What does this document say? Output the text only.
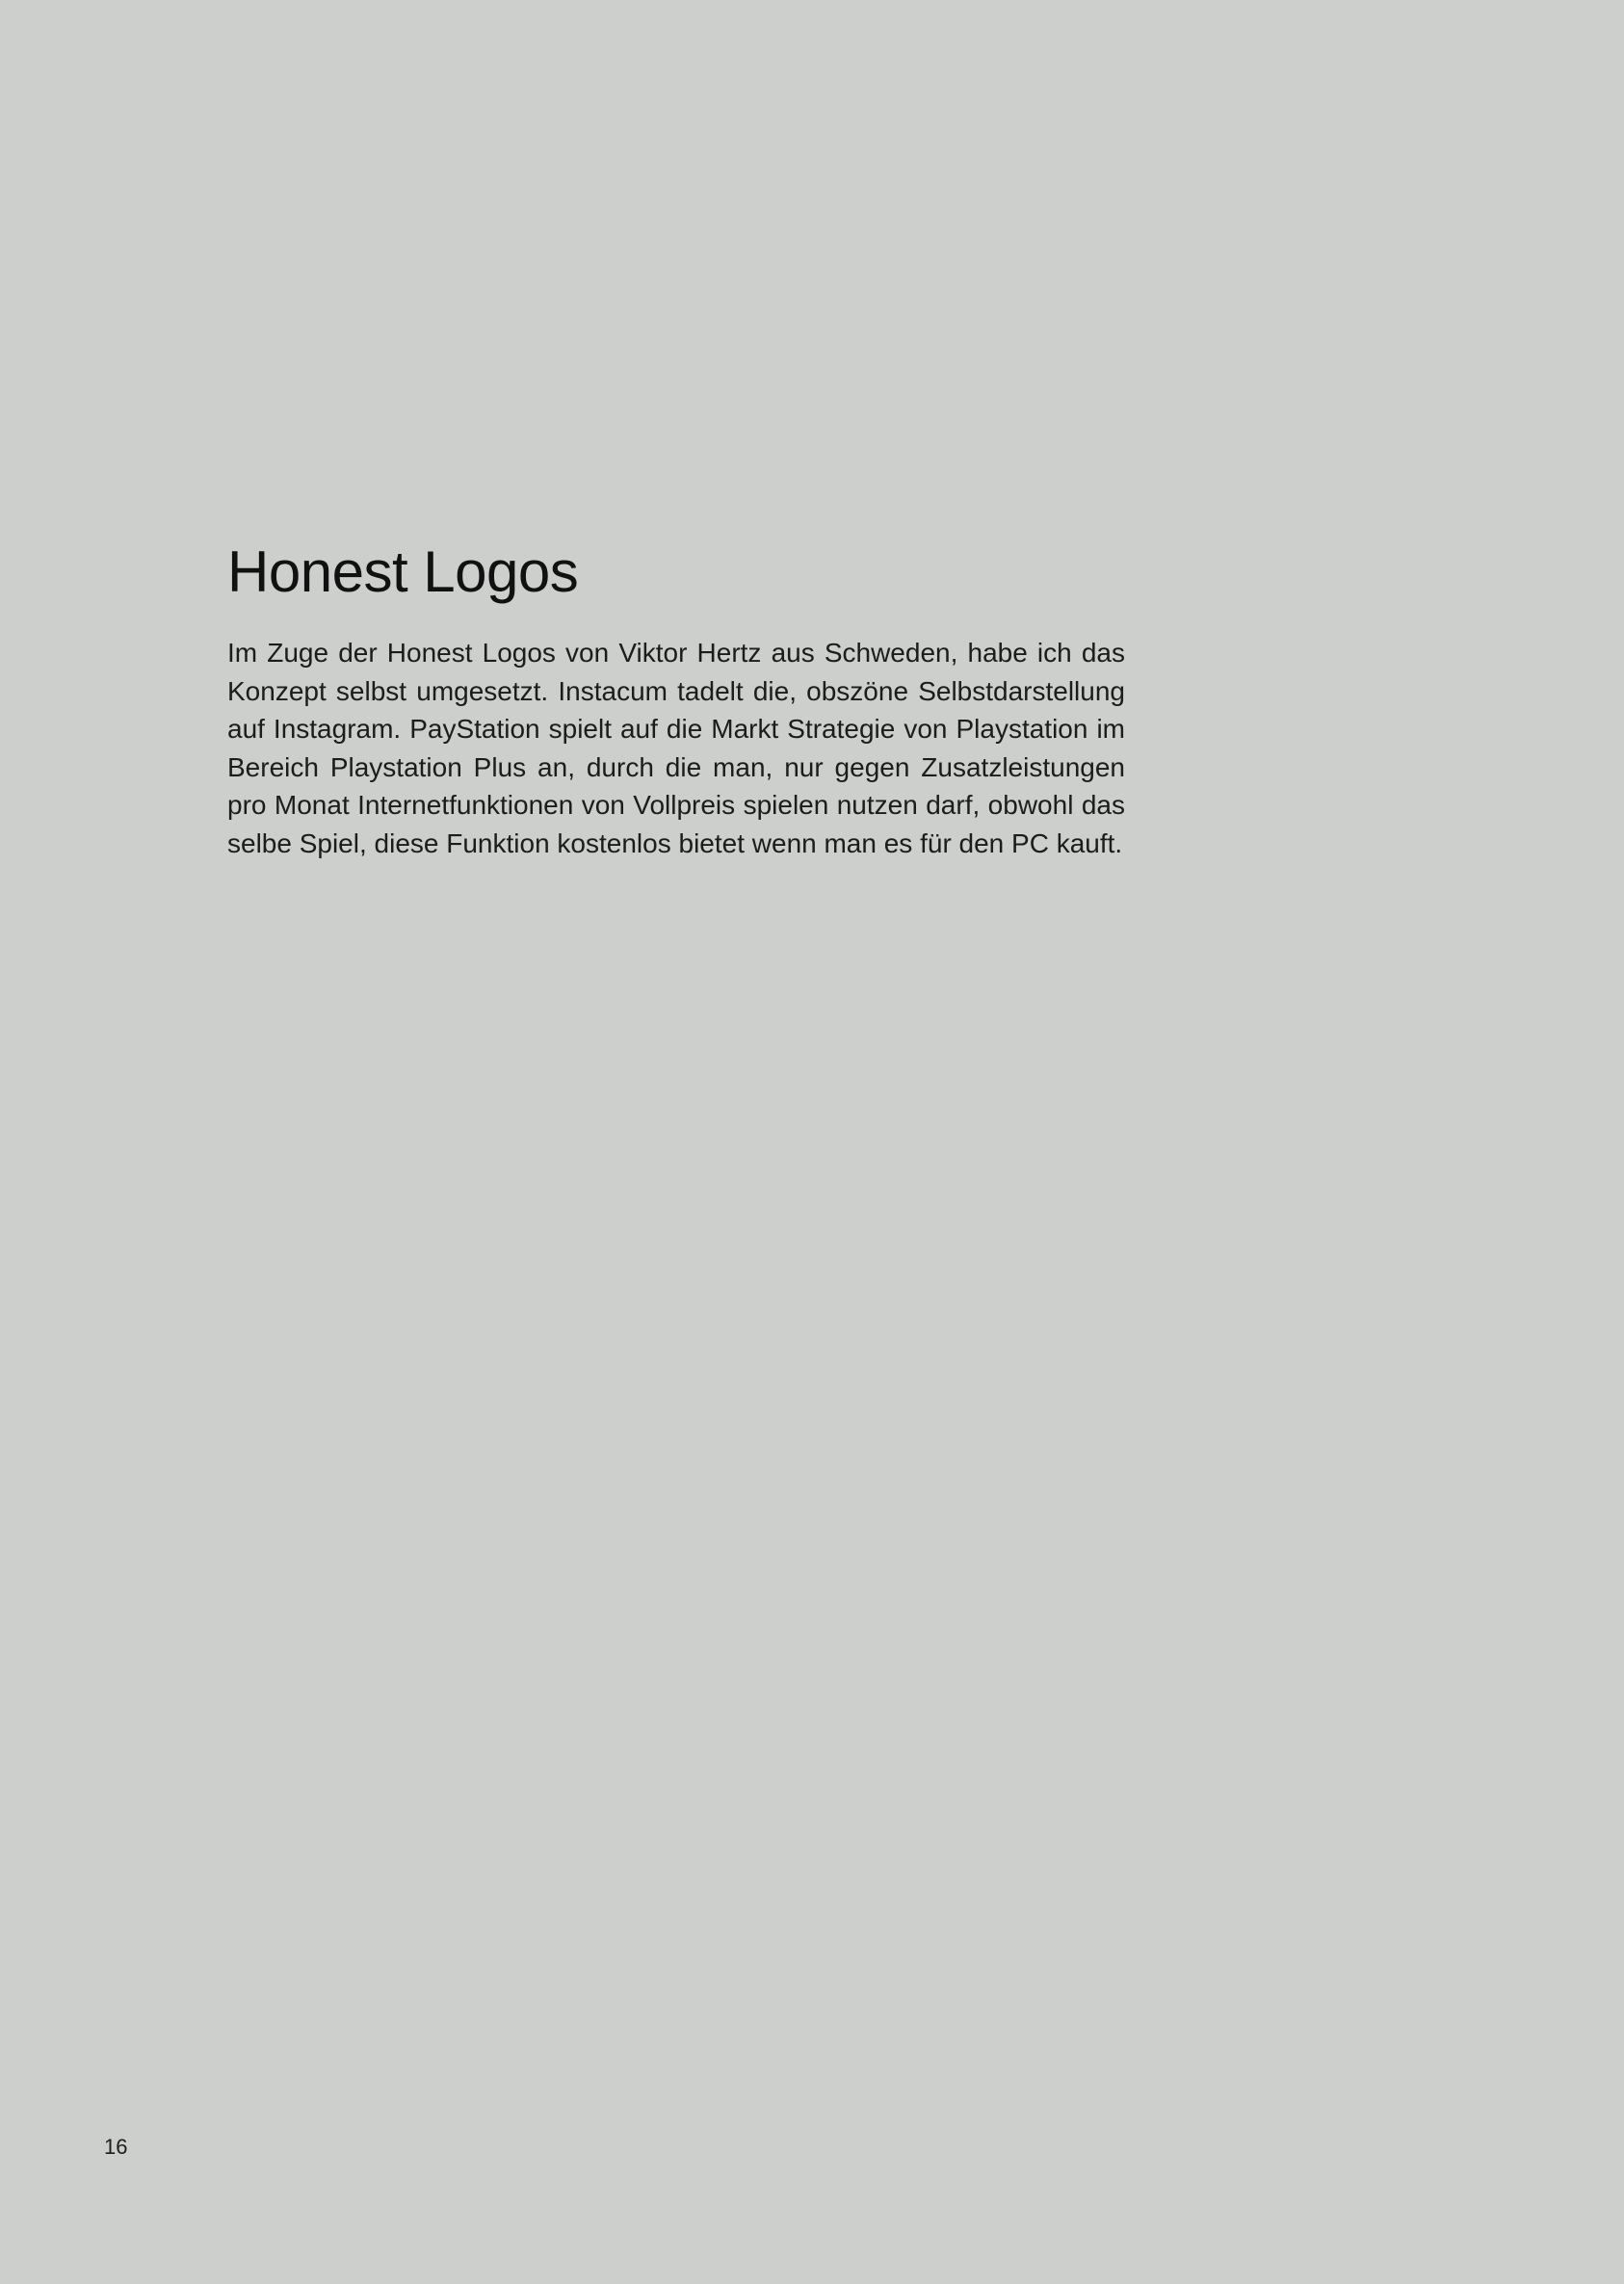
Honest Logos

Im Zuge der Honest Logos von Viktor Hertz aus Schweden, habe ich das Konzept selbst umgesetzt. Instacum tadelt die, obszöne Selbstdarstellung auf Instagram. PayStation spielt auf die Markt Strategie von Playstation im Bereich Playstation Plus an, durch die man, nur gegen Zusatzleistungen pro Monat Internetfunktionen von Vollpreis spielen nutzen darf, obwohl das selbe Spiel, diese Funktion kostenlos bietet wenn man es für den PC kauft.

16
